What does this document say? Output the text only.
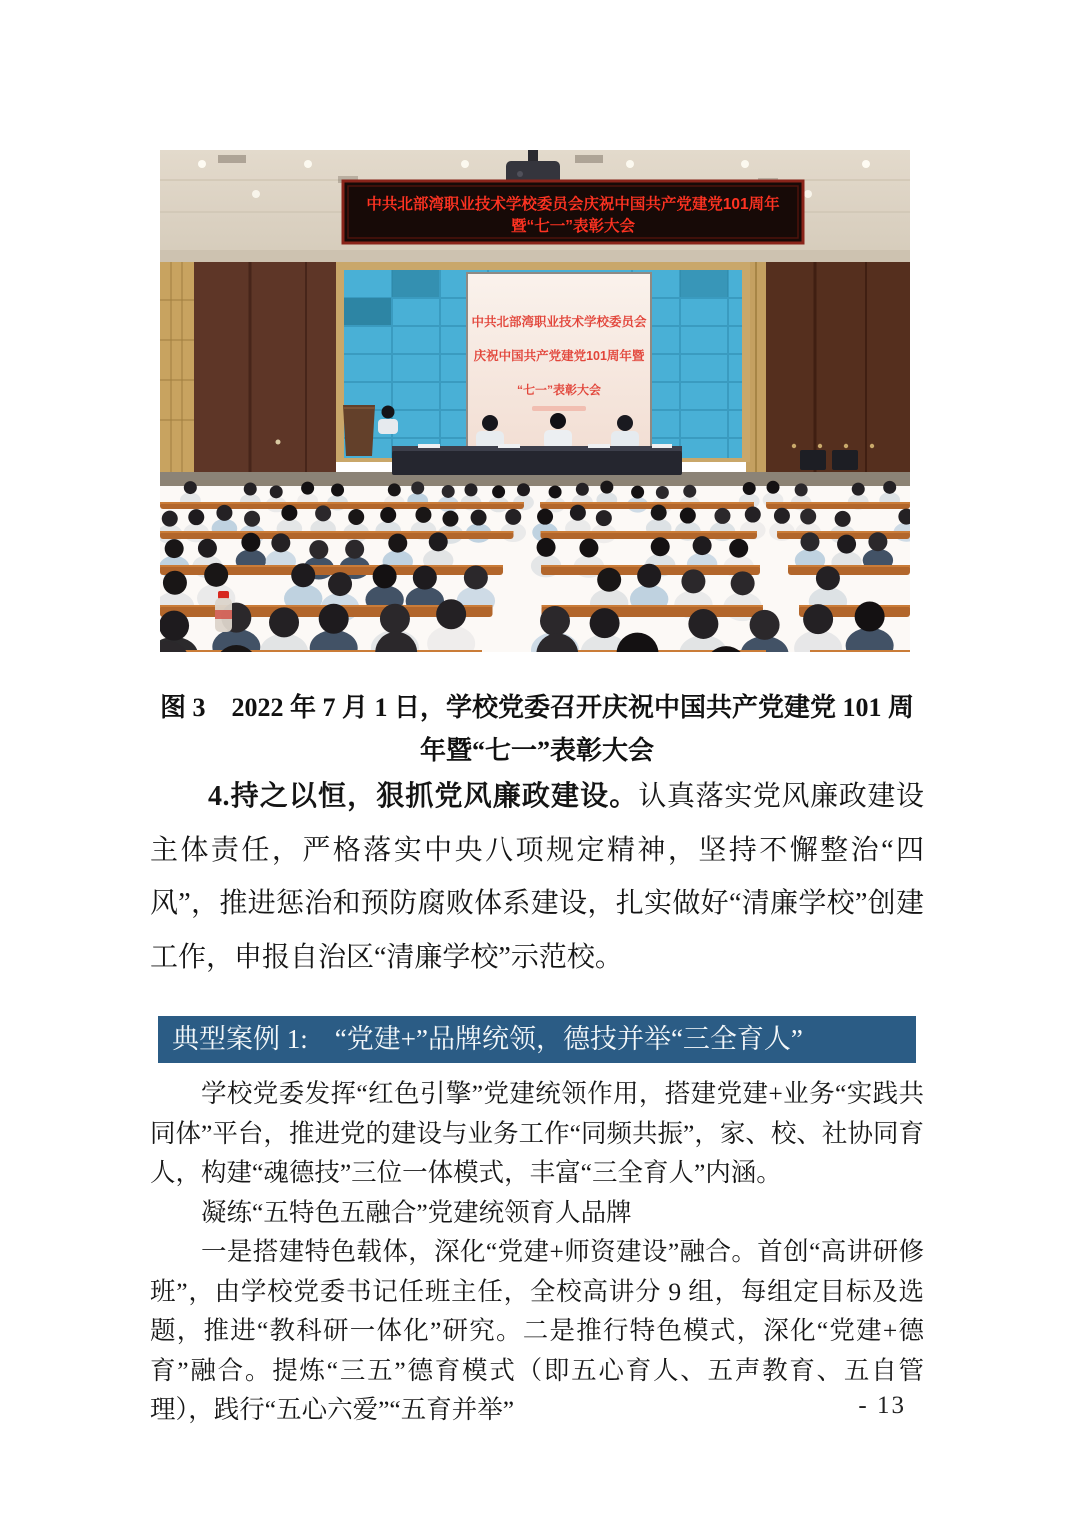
中共北部湾职业技术学校委员会庆祝中国共产党建党101周年
暨“七一”表彰大会
中共北部湾职业技术学校委员会
庆祝中国共产党建党101周年暨
“七一”表彰大会
图 3　2022 年 7 月 1 日，学校党委召开庆祝中国共产党建党 101 周年暨“七一”表彰大会
4.持之以恒，狠抓党风廉政建设。认真落实党风廉政建设主体责任，严格落实中央八项规定精神，坚持不懈整治“四风”，推进惩治和预防腐败体系建设，扎实做好“清廉学校”创建工作，申报自治区“清廉学校”示范校。
典型案例 1:　“党建+”品牌统领，德技并举“三全育人”

学校党委发挥“红色引擎”党建统领作用，搭建党建+业务“实践共同体”平台，推进党的建设与业务工作“同频共振”，家、校、社协同育人，构建“魂德技”三位一体模式，丰富“三全育人”内涵。

凝练“五特色五融合”党建统领育人品牌

一是搭建特色载体，深化“党建+师资建设”融合。首创“高讲研修班”，由学校党委书记任班主任，全校高讲分 9 组，每组定目标及选题，推进“教科研一体化”研究。二是推行特色模式，深化“党建+德育”融合。提炼“三五”德育模式（即五心育人、五声教育、五自管理），践行“五心六爱”“五育并举”	- 13
